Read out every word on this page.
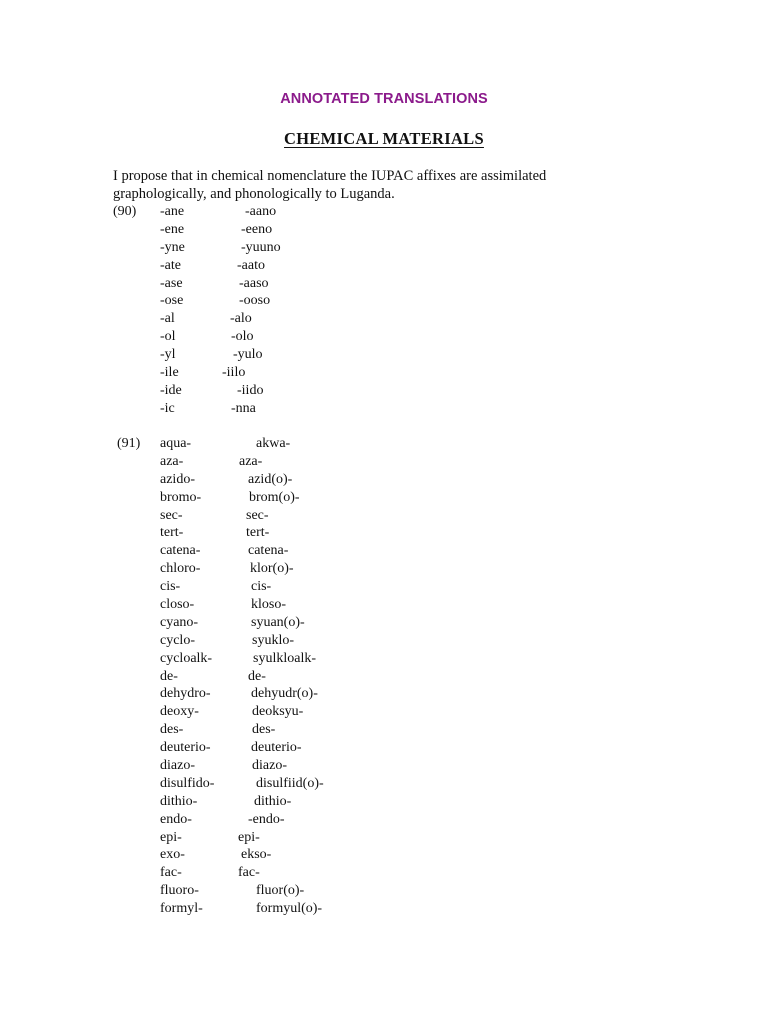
ANNOTATED TRANSLATIONS
CHEMICAL MATERIALS
I propose that in chemical nomenclature the IUPAC affixes are assimilated
graphologically, and phonologically to Luganda.
(90) -ane	-aano
-ene	-eeno
-yne	-yuuno
-ate	-aato
-ase	-aaso
-ose	-ooso
-al	-alo
-ol	-olo
-yl	-yulo
-ile	-iilo
-ide	-iido
-ic	-nna
(91) aqua-	akwa-
aza-	aza-
azido-	azid(o)-
bromo-	brom(o)-
sec-	sec-
tert-	tert-
catena-	catena-
chloro-	klor(o)-
cis-	cis-
closo-	kloso-
cyano-	syuan(o)-
cyclo-	syuklo-
cycloalk-	syulkloalk-
de-	de-
dehydro-	dehyudr(o)-
deoxy-	deoksyu-
des-	des-
deuterio-	deuterio-
diazo-	diazo-
disulfido-	disulfiid(o)-
dithio-	dithio-
endo-	-endo-
epi-	epi-
exo-	ekso-
fac-	fac-
fluoro-	fluor(o)-
formyl-	formyul(o)-
